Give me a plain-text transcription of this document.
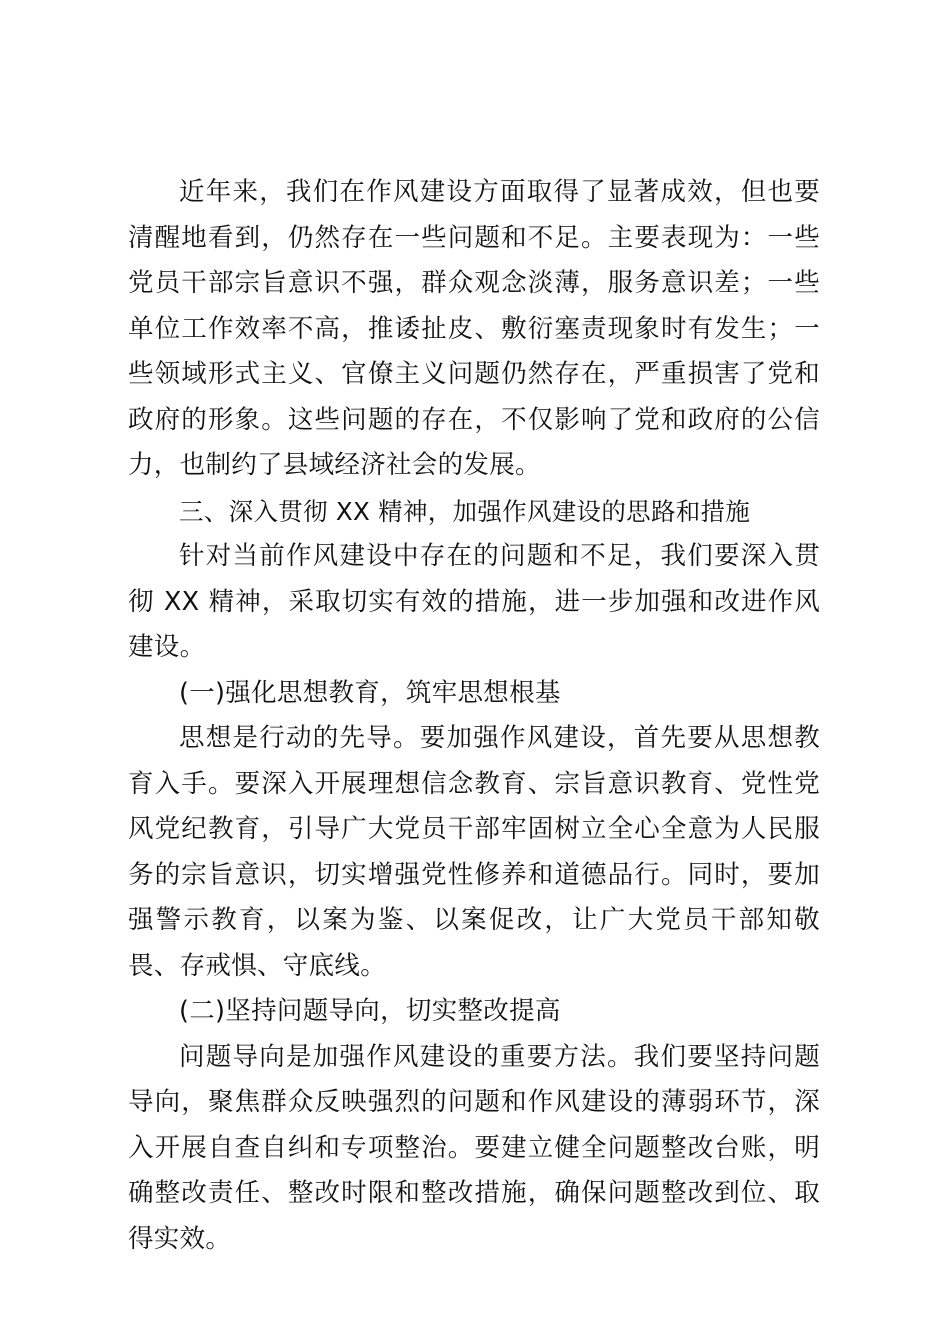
近年来，我们在作风建设方面取得了显著成效，但也要清醒地看到，仍然存在一些问题和不足。主要表现为：一些党员干部宗旨意识不强，群众观念淡薄，服务意识差；一些单位工作效率不高，推诿扯皮、敷衍塞责现象时有发生；一些领域形式主义、官僚主义问题仍然存在，严重损害了党和政府的形象。这些问题的存在，不仅影响了党和政府的公信力，也制约了县域经济社会的发展。

三、深入贯彻 XX 精神，加强作风建设的思路和措施

针对当前作风建设中存在的问题和不足，我们要深入贯彻 XX 精神，采取切实有效的措施，进一步加强和改进作风建设。

(一)强化思想教育，筑牢思想根基

思想是行动的先导。要加强作风建设，首先要从思想教育入手。要深入开展理想信念教育、宗旨意识教育、党性党风党纪教育，引导广大党员干部牢固树立全心全意为人民服务的宗旨意识，切实增强党性修养和道德品行。同时，要加强警示教育，以案为鉴、以案促改，让广大党员干部知敬畏、存戒惧、守底线。

(二)坚持问题导向，切实整改提高

问题导向是加强作风建设的重要方法。我们要坚持问题导向，聚焦群众反映强烈的问题和作风建设的薄弱环节，深入开展自查自纠和专项整治。要建立健全问题整改台账，明确整改责任、整改时限和整改措施，确保问题整改到位、取得实效。
